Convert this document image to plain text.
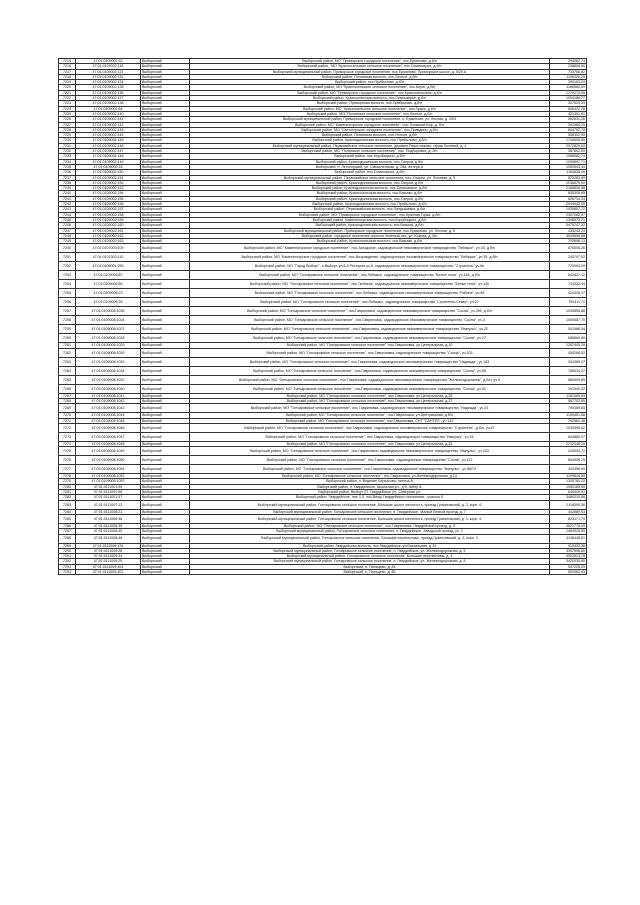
7215	47:01:0109002:53	Выборгский	Выборгский район, МО "Приморское городское поселение", пос.Ермилово, д.6/н	294082,74
7216	47:01:0109002:118	Выборгский	Выборгский район , МО "Красносельское сельское поселение", пос.Семиозерье, д.б/н	238808,60
7217	47:01:0109002:121	Выборгский	Выборгский муниципальный район, Приморское городское поселение, пос.Ермилово, Приморское шоссе, д. 9/29 А	733766,82
7218	47:01:0109002:132	Выборгский	Выборгский район, Полянская волость, пос.Лесное, д.б/н	1196320,29
7219	47:01:0109002:134	Выборгский	Выборгский район, пос.Прибылово, д.б/н	390183,20
7220	47:01:0109002:135	Выборгский	Выборгский район, МО "Красносельское сельское поселение", пос.Берег, д.б/н	1166560,59
7221	47:01:0109002:136	Выборгский	Выборгский район, МО "Приморское городское поселение", пос.Красносельское, д.б/н	1279274,55
7222	47:01:0109002:137	Выборгский	Выборгский район, Красносельская волость, пос.Семиозерье, д.б/н	1004188,77
7223	47:01:0109002:138	Выборгский	Выборгский район, Приморская волость, пос.Прибылово, д.б/н	307529,33
7224	47:01:0109002:84	Выборгский	Выборгский район, МО "Красносельское сельское поселение", пос.Лужки, д.б/н	606422,28
7225	47:01:0109002:140	Выборгский	Выборгский район, МО "Полянское сельское поселение", пос.Лесное, д.б/н	421391,81
7226	47:01:0109002:141	Выборгский	Выборгский муниципальный район, Приморское городское поселение, п. Ермилово, ул. Лесная, д. 19/3	592631,26
7227	47:01:0109002:142	Выборгский	Выборгский район, МО "Каменногорское городское поселение", пос. Большой Бор, д. б/н	391980,20
7228	47:01:0109002:143	Выборгский	Выборгский район, МО "Светогорское городское поселение", пос.Правдино, д.б/н	604752,78
7229	47:01:0109002:144	Выборгский	Выборгский район, Полянская волость, пос.Лесное, д.б/н	558302,90
7230	47:01:0109002:145	Выборгский	Выборгский район, Краснодолинская волость, пос.Прибылово, д.б/н	1716059,55
7231	47:01:0109002:146	Выборгский	Выборгский муниципальный район, Первомайское сельское поселение, деревня Решетниково, гараж Полевой, д. 4	2072829,00
7232	47:01:0109002:147	Выборгский	Выборгский район, МО "Полянское сельское поселение", пос. Подборовье, д. б/н	387802,00
7233	47:01:0109002:148	Выборгский	Выборгский район, пос.Коробицыно, д.б/н	1068982,74
7234	47:01:0109002:149	Выборгский	Выборгский район, Краснодолинская волость, пос.Озерки, д.б/н	1095897,71
7235	47:01:0109002:18	Выборгский	Выборгский, п. Лесогорский, ул. Смышленская, д. 28а, литера А	1050643,44
7236	47:01:0109002:150	Выборгский	Выборгский район, пос.Семиозерье, д.б/н	1184825,06
7237	47:01:0109002:151	Выборгский	Выборгский муниципальный район, Первомайское сельское поселение, пос. Озерки, ул. Полевая, д. 5	575283,89
7238	47:01:0109002:152	Выборгский	Выборгский район, Краснодолинская волость, пос.Озерки, д.б/н	1036679,00
7239	47:01:0109002:153	Выборгский	Выборгский район, Краснодолинская волость, пос.Семиозерье, д.б/н	2168826,88
7240	47:01:0109002:154	Выборгский	Выборгский район, Красносельская волость, пос.Вязьмы, д.б/н	835305,95
7241	47:01:0109002:155	Выборгский	Выборгский район, Краснодолинская волость, пос.Озерки, д.б/н	626734,34
7242	47:01:0109002:156	Выборгский	Выборгский район, Краснодолинская волость, пос.Прибылово, д.б/н	2049942,05
7243	47:01:0109002:157	Выборгский	Выборгский район, Первомайская волость, пос.Ландышевка, д.б/н	1035857,72
7244	47:01:0109002:158	Выборгский	Выборгский район, МО "Приморское городское поселение", пос.Красная Горка, д.б/н	2307082,97
7245	47:01:0109002:159	Выборгский	Выборгский район, Каменногорская волость, пос.Коробицыно, д.б/н	1398573,21
7246	47:01:0109002:160	Выборгский	Выборгский район, Краснодолинская волость, пос.Вязьмы, д.б/н	5475247,52
7247	47:01:0109002:161	Выборгский	Выборгский муниципальный район, Приморское городское поселение, пос.Ермилово, ул. Лесная, д. 5	435243,23
7248	47:01:0109002:162	Выборгский	Выборгский район, городское поселение поселок Зеленый лес, ул. Южная, д. б/н	3549896,88
7249	47:01:0109002:163	Выборгский	Выборгский район, Красносельская волость, пос.Вязьмы, д.б/н	792898,13
7250	47:01:0107003:109	Выборгский	Выборгский район, МО "Каменногорское городское поселение", пос.Заходское, садоводческое некоммерческое товарищество "Лебяжье", уч.43, д.б/н	876508,26
7251	47:01:0107003:110	Выборгский	Выборгский район, МО "Каменногорское городское поселение", пос.Возрождение, садоводческое некоммерческое товарищество "Лебяжье", уч.35, д.б/н	245797,52
7252	47:01:0108001:259	Выборгский	Выборгский район, МО "Город Выборг", п.Выборг, ул.8-й Рестория,уч.8, садоводческое некоммерческое товарищество "Строитель",уч.6н	720094,09
7253	47:01:0109005:87	Выборгский	Выборгский район, МО "Гончаровское сельское поселение", пос.Лебяжье, садоводческое товарищество "Белые ночи", уч.184, д.б/н	542827,42
7254	47:01:0109005:89	Выборгский	Выборгский район, МО "Гончаровское сельское поселение", пос.Лебяжье, садоводческое некоммерческое товарищество "Белые ночи", уч.140	734532,44
7255	47:01:0109005:23	Выборгский	Выборгский район, МО "Гончаровское сельское поселение", пос.Лебяжье, садоводческое некоммерческое товарищество "Рябина", уч.89	424345,17
7256	47:01:0109005:25	Выборгский	Выборгский район, МО "Гончаровское сельское поселение", пос.Лебяжье, садоводческое товарищество "Строитель-Север", уч.10	750411,72
7257	47:01:0109008:1035	Выборгский	Выборгский район, МО "Гончаровское сельское поселение", пос.Гавриловка, садоводческое некоммерческое товарищество "Сосна", уч.390, д.б/н	1039895,88
7258	47:01:0109008:1024	Выборгский	Выборгский район, МО "Гончаровское сельское поселение", пос.Гавриловка, садоводческое некоммерческое товарищество "Сосна", уч.3	1055487,70
7259	47:01:0109008:1027	Выборгский	Выборгский район, МО "Гончаровское сельское поселение", пос.Гавриловка, садоводческое некоммерческое товарищество "Импульс", уч.22	541988,54
7260	47:01:0109008:1028	Выборгский	Выборгский район, МО "Гончаровское сельское поселение", пос.Гавриловка, садоводческое некоммерческое товарищество "Сосна", уч.27	688869,89
7261	47:01:0109008:1029	Выборгский	Выборгский район, МО "Гончаровское сельское поселение", пос.Гавриловка, ул.Центральная, д.10	1287405,28
7262	47:01:0109008:1030	Выборгский	Выборгский район, МО "Гончаровское сельское поселение", пос.Гавриловка, садоводческое товарищество "Сосна", уч.203	455296,02
7263	47:01:0109008:1032	Выборгский	Выборгский район, МО "Гончаровское сельское поселение", пос.Гавриловка, садоводческое некоммерческое товарищество "Надежда", уч.183	334385,27
7264	47:01:0109008:1034	Выборгский	Выборгский район, МО "Гончаровское сельское поселение", пос.Гавриловка, садоводческое некоммерческое товарищество "Сосна", уч.58	786934,27
7265	47:01:0109008:1037	Выборгский	Выборгский район, МО "Гончаровское сельское поселение", пос.Гавриловка, садоводческое некоммерческое товарищество "Железнодорожник", д.б/н, уч.5	885509,89
7266	47:01:0109008:1040	Выборгский	Выборгский район, МО "Гончаровское сельское поселение", пос.Гавриловка, садоводческое некоммерческое товарищество "Сосна", уч.51	391540,52
7267	47:01:0109008:1041	Выборгский	Выборгский район, МО "Гончаровское сельское поселение", пос.Гавриловка, ул.Центральная, д.35	1181085,69
7268	47:01:0109008:1042	Выборгский	Выборгский район, МО "Гончаровское сельское поселение", пос.Гавриловка, ул.Центральная, д.27	587702,85
7269	47:01:0109008:1043	Выборгский	Выборгский район, МО "Гончаровское сельское поселение", пос.Гавриловка, садоводческое некоммерческое товарищество "Надежда", уч.24	790389,83
7270	47:01:0109008:1044	Выборгский	Выборгский район, МО "Гончаровское сельское поселение", пос.Гавриловка, ул.Центральная, д.б/н	1190451,88
7271	47:01:0109008:1045	Выборгский	Выборгский район, МО "Гончаровское сельское поселение", пос.Гавриловка, СНТ "САНТЕЛ", уч.142	762581,48
7272	47:01:0109008:1046	Выборгский	Выборгский район, МО "Гончаровское сельское поселение", пос.Гавриловка, садоводческое некоммерческое товарищество "Строитель", д.б/н, уч.67	1033395,62
7273	47:01:0109008:1047	Выборгский	Выборгский район, МО "Гончаровское сельское поселение", пос.Гавриловка, садоводческое товарищество "Импульс", уч.34	834880,97
7274	47:01:0109008:1048	Выборгский	Выборгский район, МО "Гончаровское сельское поселение", пос.Гавриловка, ул.Центральная, д.33	2212348,28
7275	47:01:0109008:1049	Выборгский	Выборгский район, МО "Гончаровское сельское поселение", пос.Гавриловка, садоводческое некоммерческое товарищество "Импульс", уч.153	415034,72
7276	47:01:0109008:1050	Выборгский	Выборгский район, МО "Гончаровское сельское поселение", пос.Гавриловка, садоводческое товарищество "Сосна", уч.112	804506,29
7277	47:01:0109008:1051	Выборгский	Выборгский район, МО "Гончаровское сельское поселение", пос.Гавриловка, садоводческое товарищество "Импульс", уч.58/74	343396,60
7278	47:01:0109008:1052	Выборгский	Выборгский район, МО "Гончаровское сельское поселение", пос.Гавриловка, ул.Железнодорожная, д.14	1199844,55
7279	47:01:0109008:1053	Выборгский	Выборгский район, п. Ведение Черкасово, литера А	1305780,22
7280	47:01:0111001:95	Выборгский	Выборгский район, п. Гвардейское, Школьная ул., д.9, литер А	1050185,59
7281	47:01:0111001:96	Выборгский	Выборгский район, Выборг (П. Гвардейское (п), Северная ул.	649449,57
7282	47:01:0111001:97	Выборгский	Выборгский район, Гвардейское, лит. 1-0, пос.Вещь Гвардейского поселения - участок 5	3484310,88
7283	47:01:0111007:12	Выборгский	Выборгский муниципальный район, Гончаровское сельское поселение, Большие шоссе местность, проезд Гранитовский, д. 3, корп. 6	2116590,36
7284	47:01:0111008:23	Выборгский	Выборгский муниципальный район, Гончаровское сельское поселение, п. Гвардейское, Малый Лесной проезд, д. 7	442889,53
7285	47:01:0111008:38	Выборгский	Выборгский муниципальный район, Гончаровское сельское поселение, Большие шоссе местность, проезд Гранитовский, д. 3, корп. 6	823171,79
7286	47:01:0111008:39	Выборгский	Выборгский район, МО "Гончаровское сельское поселение", пос.Гавриловка, Гвардейский проезд, д. 2	3821778,09
7287	47:01:0111008:40	Выборгский	Выборгский муниципальный район, Гончаровское сельское поселение, п. Гвардейское, Заводской проезд, уч. 2	1464925,55
7288	47:01:0111008:48	Выборгский	Выборгский муниципальный район, Гончаровское сельское поселение, Большие перспективы, проезд Гранитовский, д. 2, корп. 3	4138445,61
7289	47:01:0111008:176	Выборгский	Выборгский район, Гвардейская волость, пос.Гвардейское, ул.Вокзальная, д.34	910422,36
7290	47:01:0111009:28	Выборгский	Выборгский муниципальный район, Гончаровское сельское поселение, п. Гвардейское, ул. Железнодорожная, д. 9	3307996,80
7291	47:01:0111009:24	Выборгский	Выборгский муниципальный район, Гончаровское сельское поселение, Большие перспективы, д. 4	4502813,78
7292	47:01:0111009:25	Выборгский	Выборгский муниципальный район, Гончаровское сельское поселение, п. Гвардейское, ул. Железнодорожная, д. 8	3420035,80
7293	47:01:0111009:404	Выборгский	Выборгский, п. Пальцево, д. 84	547225,29
7294	47:01:0111009:401	Выборгский	Выборгский, п. Пальцево, д. 85	692562,83
